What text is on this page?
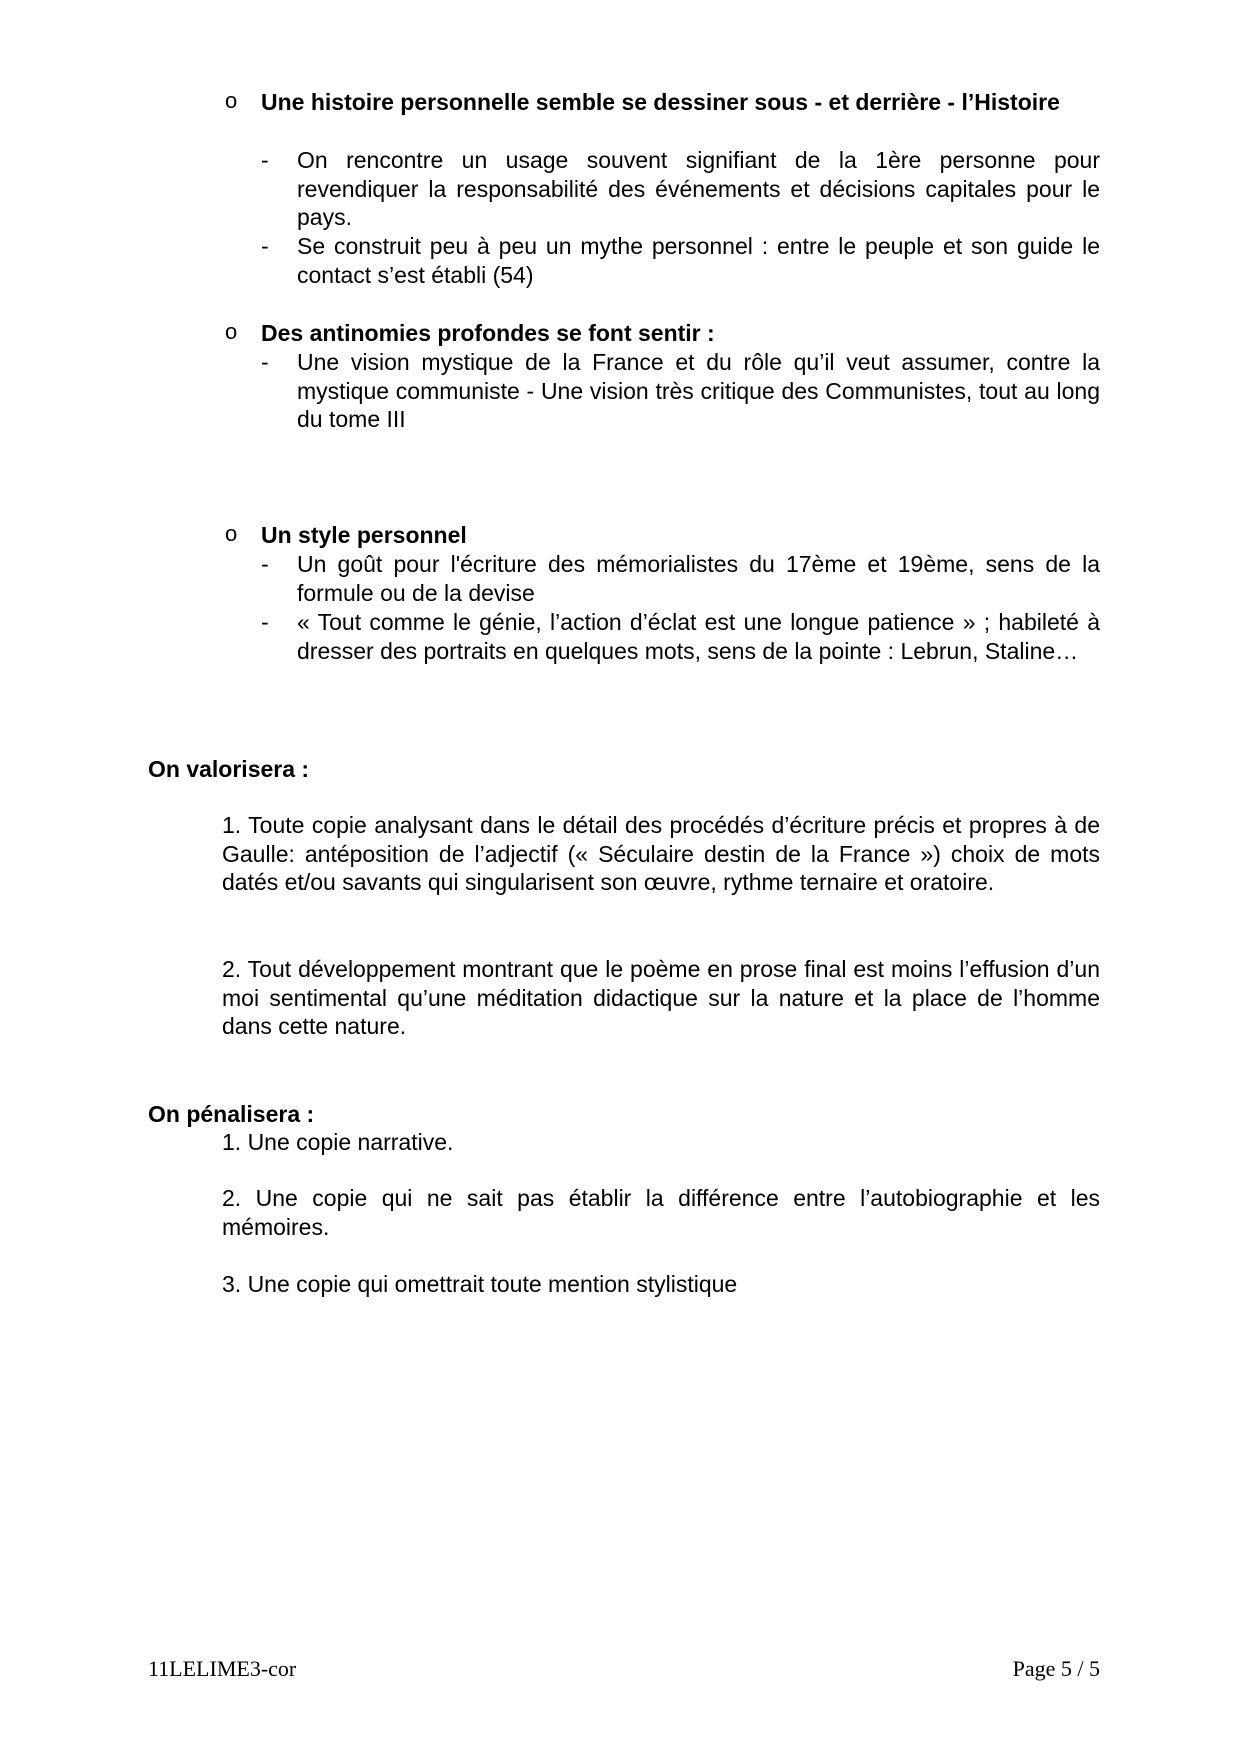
o Une histoire personnelle semble se dessiner sous - et derrière - l’Histoire
- On rencontre un usage souvent signifiant de la 1ère personne pour revendiquer la responsabilité des événements et décisions capitales pour le pays.
- Se construit peu à peu un mythe personnel : entre le peuple et son guide le contact s’est établi (54)
o Des antinomies profondes se font sentir :
- Une vision mystique de la France et du rôle qu’il veut assumer, contre la mystique communiste - Une vision très critique des Communistes, tout au long du tome III
o Un style personnel
- Un goût pour l'écriture des mémorialistes du 17ème et 19ème, sens de la formule ou de la devise
- « Tout comme le génie, l’action d’éclat est une longue patience » ; habileté à dresser des portraits en quelques mots, sens de la pointe : Lebrun, Staline…
On valorisera :
1. Toute copie analysant dans le détail des procédés d’écriture précis et propres à de Gaulle: antéposition de l’adjectif (« Séculaire destin de la France ») choix de mots datés et/ou savants qui singularisent son œuvre, rythme ternaire et oratoire.
2. Tout développement montrant que le poème en prose final est moins l’effusion d’un moi sentimental qu’une méditation didactique sur la nature et la place de l’homme dans cette nature.
On pénalisera :
1. Une copie narrative.
2. Une copie qui ne sait pas établir la différence entre l’autobiographie et les mémoires.
3. Une copie qui omettrait toute mention stylistique
11LELIME3-cor	Page 5 / 5
